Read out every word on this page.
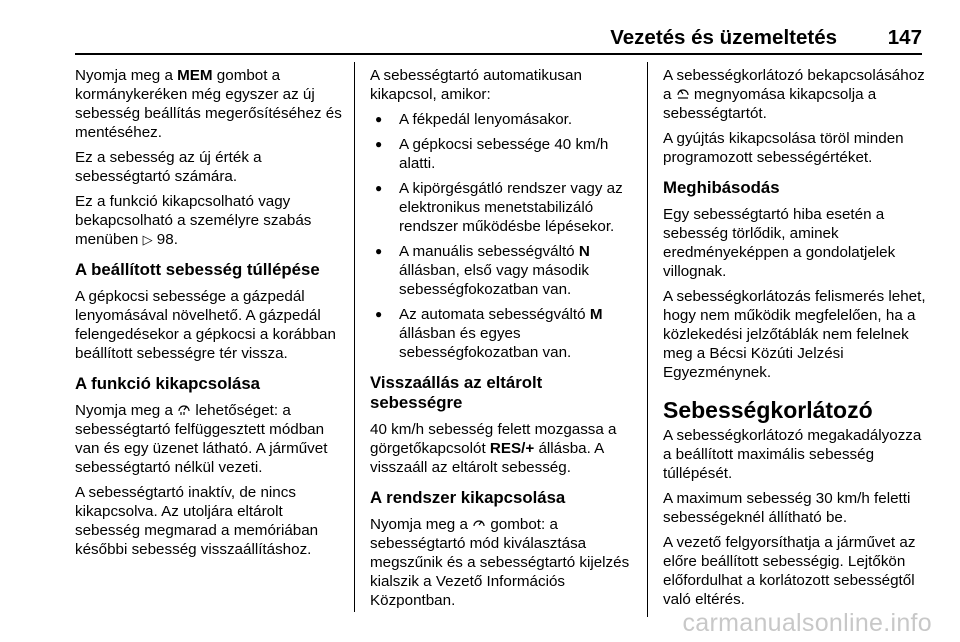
Vezetés és üzemeltetés 147

Nyomja meg a MEM gombot a kormánykeréken még egyszer az új sebesség beállítás megerősítéséhez és mentéséhez.

Ez a sebesség az új érték a sebességtartó számára.

Ez a funkció kikapcsolható vagy bekapcsolható a személyre szabás menüben ▷ 98.

A beállított sebesség túllépése

A gépkocsi sebessége a gázpedál lenyomásával növelhető. A gázpedál felengedésekor a gépkocsi a korábban beállított sebességre tér vissza.

A funkció kikapcsolása

Nyomja meg a  lehetőséget: a sebességtartó felfüggesztett módban van és egy üzenet látható. A járművet sebességtartó nélkül vezeti.

A sebességtartó inaktív, de nincs kikapcsolva. Az utoljára eltárolt sebesség megmarad a memóriában későbbi sebesség visszaállításhoz.

A sebességtartó automatikusan kikapcsol, amikor:

● A fékpedál lenyomásakor.
● A gépkocsi sebessége 40 km/h alatti.
● A kipörgésgátló rendszer vagy az elektronikus menetstabilizáló rendszer működésbe lépésekor.
● A manuális sebességváltó N állásban, első vagy második sebességfokozatban van.
● Az automata sebességváltó M állásban és egyes sebességfokozatban van.
Visszaállás az eltárolt sebességre

40 km/h sebesség felett mozgassa a görgetőkapcsolót RES/+ állásba. A visszaáll az eltárolt sebesség.

A rendszer kikapcsolása

Nyomja meg a  gombot: a sebességtartó mód kiválasztása megszűnik és a sebességtartó kijelzés kialszik a Vezető Információs Központban.

A sebességkorlátozó bekapcsolásához a  megnyomása kikapcsolja a sebességtartót.

A gyújtás kikapcsolása töröl minden programozott sebességértéket.

Meghibásodás

Egy sebességtartó hiba esetén a sebesség törlődik, aminek eredményeképpen a gondolatjelek villognak.

A sebességkorlátozás felismerés lehet, hogy nem működik megfelelően, ha a közlekedési jelzőtáblák nem felelnek meg a Bécsi Közúti Jelzési Egyezménynek.

Sebességkorlátozó

A sebességkorlátozó megakadályozza a beállított maximális sebesség túllépését.

A maximum sebesség 30 km/h feletti sebességeknél állítható be.

A vezető felgyorsíthatja a járművet az előre beállított sebességig. Lejtőkön előfordulhat a korlátozott sebességtől való eltérés.

carmanualsonline.info
